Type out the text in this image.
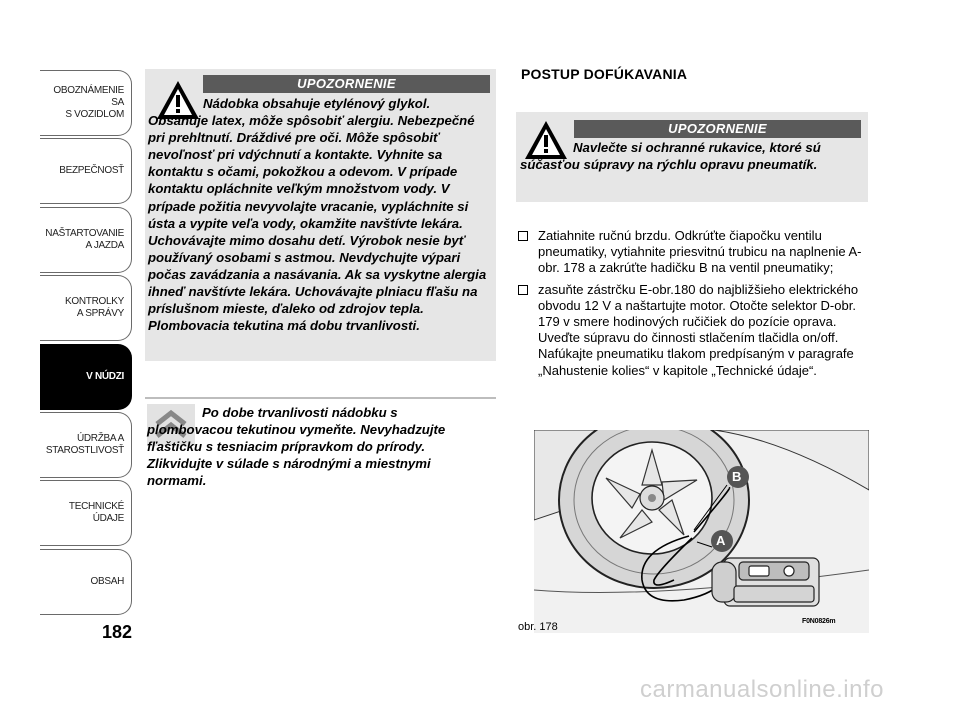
OBOZNÁMENIE SA
S VOZIDLOM
BEZPEČNOSŤ
NAŠTARTOVANIE
A JAZDA
KONTROLKY
A SPRÁVY
V NÚDZI
ÚDRŽBA A
STAROSTLIVOSŤ
TECHNICKÉ
ÚDAJE
OBSAH
182
UPOZORNENIE

Nádobka obsahuje etylénový glykol. Obsahuje latex, môže spôsobiť alergiu. Nebezpečné pri prehltnutí. Dráždivé pre oči. Môže spôsobiť nevoľnosť pri vdýchnutí a kontakte. Vyhnite sa kontaktu s očami, pokožkou a odevom. V prípade kontaktu opláchnite veľkým množstvom vody. V prípade požitia nevyvolajte vracanie, vypláchnite si ústa a vypite veľa vody, okamžite navštívte lekára. Uchovávajte mimo dosahu detí. Výrobok nesie byť používaný osobami s astmou. Nevdychujte výpari počas zavádzania a nasávania. Ak sa vyskytne alergia ihneď navštívte lekára. Uchovávajte plniacu fľašu na príslušnom mieste, ďaleko od zdrojov tepla. Plombovacia tekutina má dobu trvanlivosti.

Po dobe trvanlivosti nádobku s plombovacou tekutinou vymeňte. Nevyhadzujte fľaštičku s tesniacim prípravkom do prírody. Zlikvidujte v súlade s národnými a miestnymi normami.

POSTUP DOFÚKAVANIA
UPOZORNENIE

Navlečte si ochranné rukavice, ktoré sú súčasťou súpravy na rýchlu opravu pneumatík.

Zatiahnite ručnú brzdu. Odkrúťte čiapočku ventilu pneumatiky, vytiahnite priesvitnú trubicu na naplnenie A-obr. 178 a zakrúťte hadičku B na ventil pneumatiky;
zasuňte zástrčku E-obr.180 do najbližšieho elektrického obvodu 12 V a naštartujte motor. Otočte selektor D-obr. 179 v smere hodinových ručičiek do pozície oprava. Uveďte súpravu do činnosti stlačením tlačidla on/off. Nafúkajte pneumatiku tlakom predpísaným v paragrafe „Nahustenie kolies“ v kapitole „Technické údaje“.
B
A
obr. 178	F0N0826m
carmanualsonline.info
